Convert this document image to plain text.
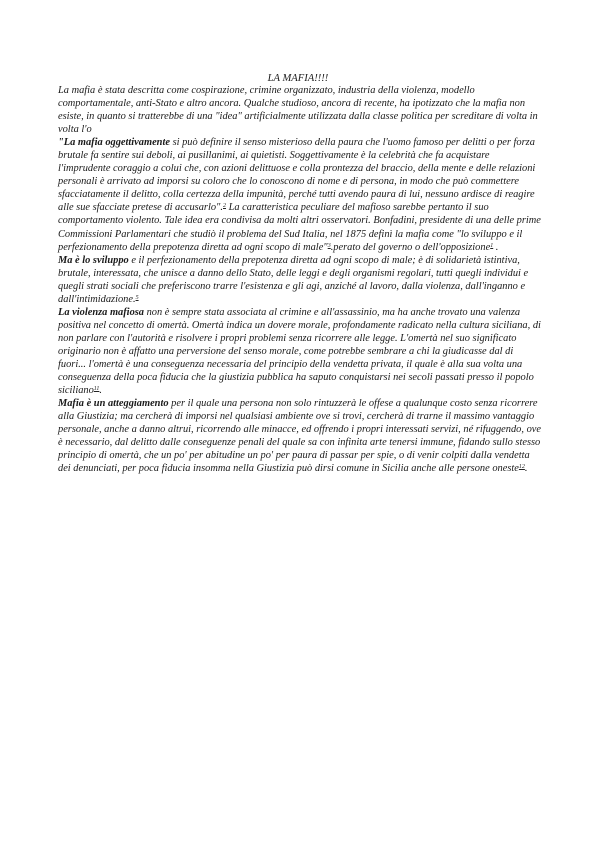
LA MAFIA!!!!

La mafia è stata descritta come cospirazione, crimine organizzato, industria della violenza, modello comportamentale, anti-Stato e altro ancora. Qualche studioso, ancora di recente, ha ipotizzato che la mafia non esiste, in quanto si tratterebbe di una "idea" artificialmente utilizzata dalla classe politica per screditare di volta in volta l'o

"La mafia oggettivamente si può definire il senso misterioso della paura che l'uomo famoso per delitti o per forza brutale fa sentire sui deboli, ai pusillanimi, ai quietisti. Soggettivamente è la celebrità che fa acquistare l'imprudente coraggio a colui che, con azioni delittuose e colla prontezza del braccio, della mente e delle relazioni personali è arrivato ad imporsi su coloro che lo conoscono di nome e di persona, in modo che può commettere sfacciatamente il delitto, colla certezza della impunità, perché tutti avendo paura di lui, nessuno ardisce di reagire alle sue sfacciate pretese di accusarlo".$^2$ La caratteristica peculiare del mafioso sarebbe pertanto il suo comportamento violento. Tale idea era condivisa da molti altri osservatori. Bonfadini, presidente di una delle prime Commissioni Parlamentari che studiò il problema del Sud Italia, nel 1875 definì la mafia come "lo sviluppo e il perfezionamento della prepotenza diretta ad ogni scopo di male"$^3$.perato del governo o dell'opposizione$^1$ .

Ma è lo sviluppo e il perfezionamento della prepotenza diretta ad ogni scopo di male; è di solidarietà istintiva, brutale, interessata, che unisce a danno dello Stato, delle leggi e degli organismi regolari, tutti quegli individui e quegli strati sociali che preferiscono trarre l'esistenza e gli agi, anziché al lavoro, dalla violenza, dall'inganno e dall'intimidazione.$^5$

La violenza mafiosa non è sempre stata associata al crimine e all'assassinio, ma ha anche trovato una valenza positiva nel concetto di omertà. Omertà indica un dovere morale, profondamente radicato nella cultura siciliana, di non parlare con l'autorità e risolvere i propri problemi senza ricorrere alle legge. L'omertà nel suo significato originario non è affatto una perversione del senso morale, come potrebbe sembrare a chi la giudicasse dal di fuori... l'omertà è una conseguenza necessaria del principio della vendetta privata, il quale è alla sua volta una conseguenza della poca fiducia che la giustizia pubblica ha saputo conquistarsi nei secoli passati presso il popolo siciliano$^{11}$.

Mafia è un atteggiamento per il quale una persona non solo rintuzzerà le offese a qualunque costo senza ricorrere alla Giustizia; ma cercherà di imporsi nel qualsiasi ambiente ove si trovi, cercherà di trarne il massimo vantaggio personale, anche a danno altrui, ricorrendo alle minacce, ed offrendo i propri interessati servizi, né rifuggendo, ove è necessario, dal delitto dalle conseguenze penali del quale sa con infinita arte tenersi immune, fidando sullo stesso principio di omertà, che un po' per abitudine un po' per paura di passar per spie, o di venir colpiti dalla vendetta dei denunciati, per poca fiducia insomma nella Giustizia può dirsi comune in Sicilia anche alle persone oneste$^{12}$.
